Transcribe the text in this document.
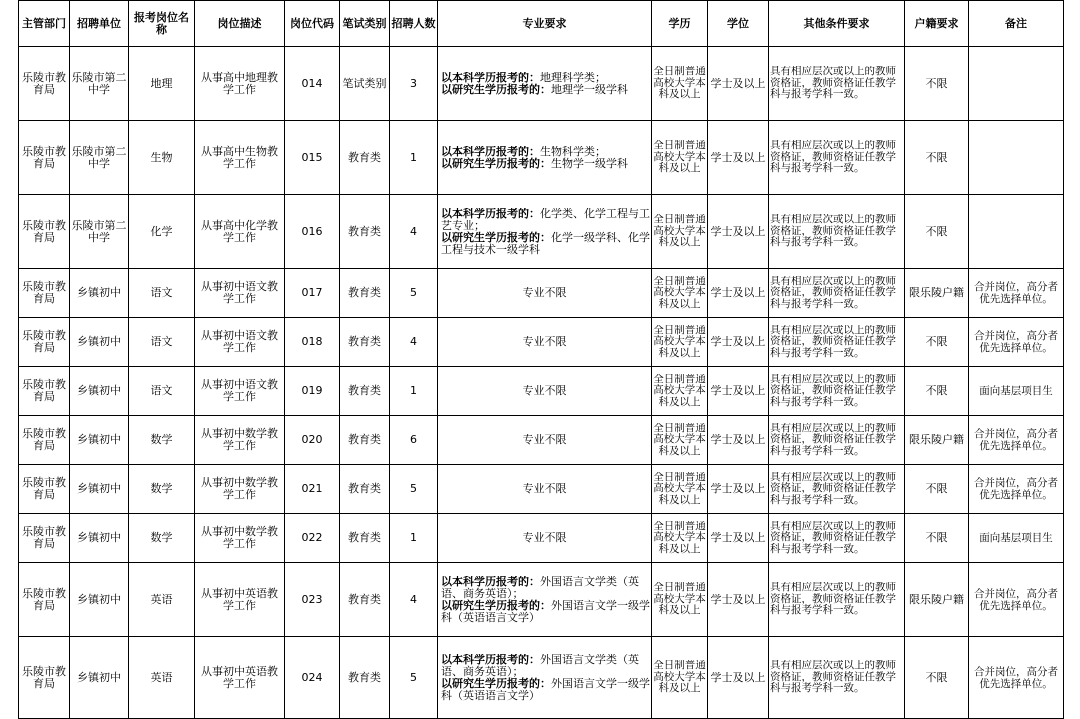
主管部门	招聘单位	报考岗位名称	岗位描述	岗位代码	笔试类别	招聘人数	专业要求	学历	学位	其他条件要求	户籍要求	备注
乐陵市教育局	乐陵市第二中学	地理	从事高中地理教学工作	014	笔试类别	3	以本科学历报考的：地理科学类；
以研究生学历报考的：地理学一级学科	全日制普通高校大学本科及以上	学士及以上	具有相应层次或以上的教师资格证，教师资格证任教学科与报考学科一致。	不限	

乐陵市教育局	乐陵市第二中学	生物	从事高中生物教学工作	015	教育类	1	以本科学历报考的：生物科学类；
以研究生学历报考的：生物学一级学科	全日制普通高校大学本科及以上	学士及以上	具有相应层次或以上的教师资格证，教师资格证任教学科与报考学科一致。	不限	

乐陵市教育局	乐陵市第二中学	化学	从事高中化学教学工作	016	教育类	4	以本科学历报考的：化学类、化学工程与工艺专业；
以研究生学历报考的：化学一级学科、化学工程与技术一级学科	全日制普通高校大学本科及以上	学士及以上	具有相应层次或以上的教师资格证，教师资格证任教学科与报考学科一致。	不限	

乐陵市教育局	乡镇初中	语文	从事初中语文教学工作	017	教育类	5	专业不限	全日制普通高校大学本科及以上	学士及以上	具有相应层次或以上的教师资格证，教师资格证任教学科与报考学科一致。	限乐陵户籍	合并岗位，高分者优先选择单位。

乐陵市教育局	乡镇初中	语文	从事初中语文教学工作	018	教育类	4	专业不限	全日制普通高校大学本科及以上	学士及以上	具有相应层次或以上的教师资格证，教师资格证任教学科与报考学科一致。	不限	合并岗位，高分者优先选择单位。

乐陵市教育局	乡镇初中	语文	从事初中语文教学工作	019	教育类	1	专业不限	全日制普通高校大学本科及以上	学士及以上	具有相应层次或以上的教师资格证，教师资格证任教学科与报考学科一致。	不限	面向基层项目生

乐陵市教育局	乡镇初中	数学	从事初中数学教学工作	020	教育类	6	专业不限	全日制普通高校大学本科及以上	学士及以上	具有相应层次或以上的教师资格证，教师资格证任教学科与报考学科一致。	限乐陵户籍	合并岗位，高分者优先选择单位。

乐陵市教育局	乡镇初中	数学	从事初中数学教学工作	021	教育类	5	专业不限	全日制普通高校大学本科及以上	学士及以上	具有相应层次或以上的教师资格证，教师资格证任教学科与报考学科一致。	不限	合并岗位，高分者优先选择单位。

乐陵市教育局	乡镇初中	数学	从事初中数学教学工作	022	教育类	1	专业不限	全日制普通高校大学本科及以上	学士及以上	具有相应层次或以上的教师资格证，教师资格证任教学科与报考学科一致。	不限	面向基层项目生

乐陵市教育局	乡镇初中	英语	从事初中英语教学工作	023	教育类	4	以本科学历报考的：外国语言文学类（英语、商务英语）；
以研究生学历报考的：外国语言文学一级学科（英语语言文学）	全日制普通高校大学本科及以上	学士及以上	具有相应层次或以上的教师资格证，教师资格证任教学科与报考学科一致。	限乐陵户籍	合并岗位，高分者优先选择单位。

乐陵市教育局	乡镇初中	英语	从事初中英语教学工作	024	教育类	5	以本科学历报考的：外国语言文学类（英语、商务英语）；
以研究生学历报考的：外国语言文学一级学科（英语语言文学）	全日制普通高校大学本科及以上	学士及以上	具有相应层次或以上的教师资格证，教师资格证任教学科与报考学科一致。	不限	合并岗位，高分者优先选择单位。
